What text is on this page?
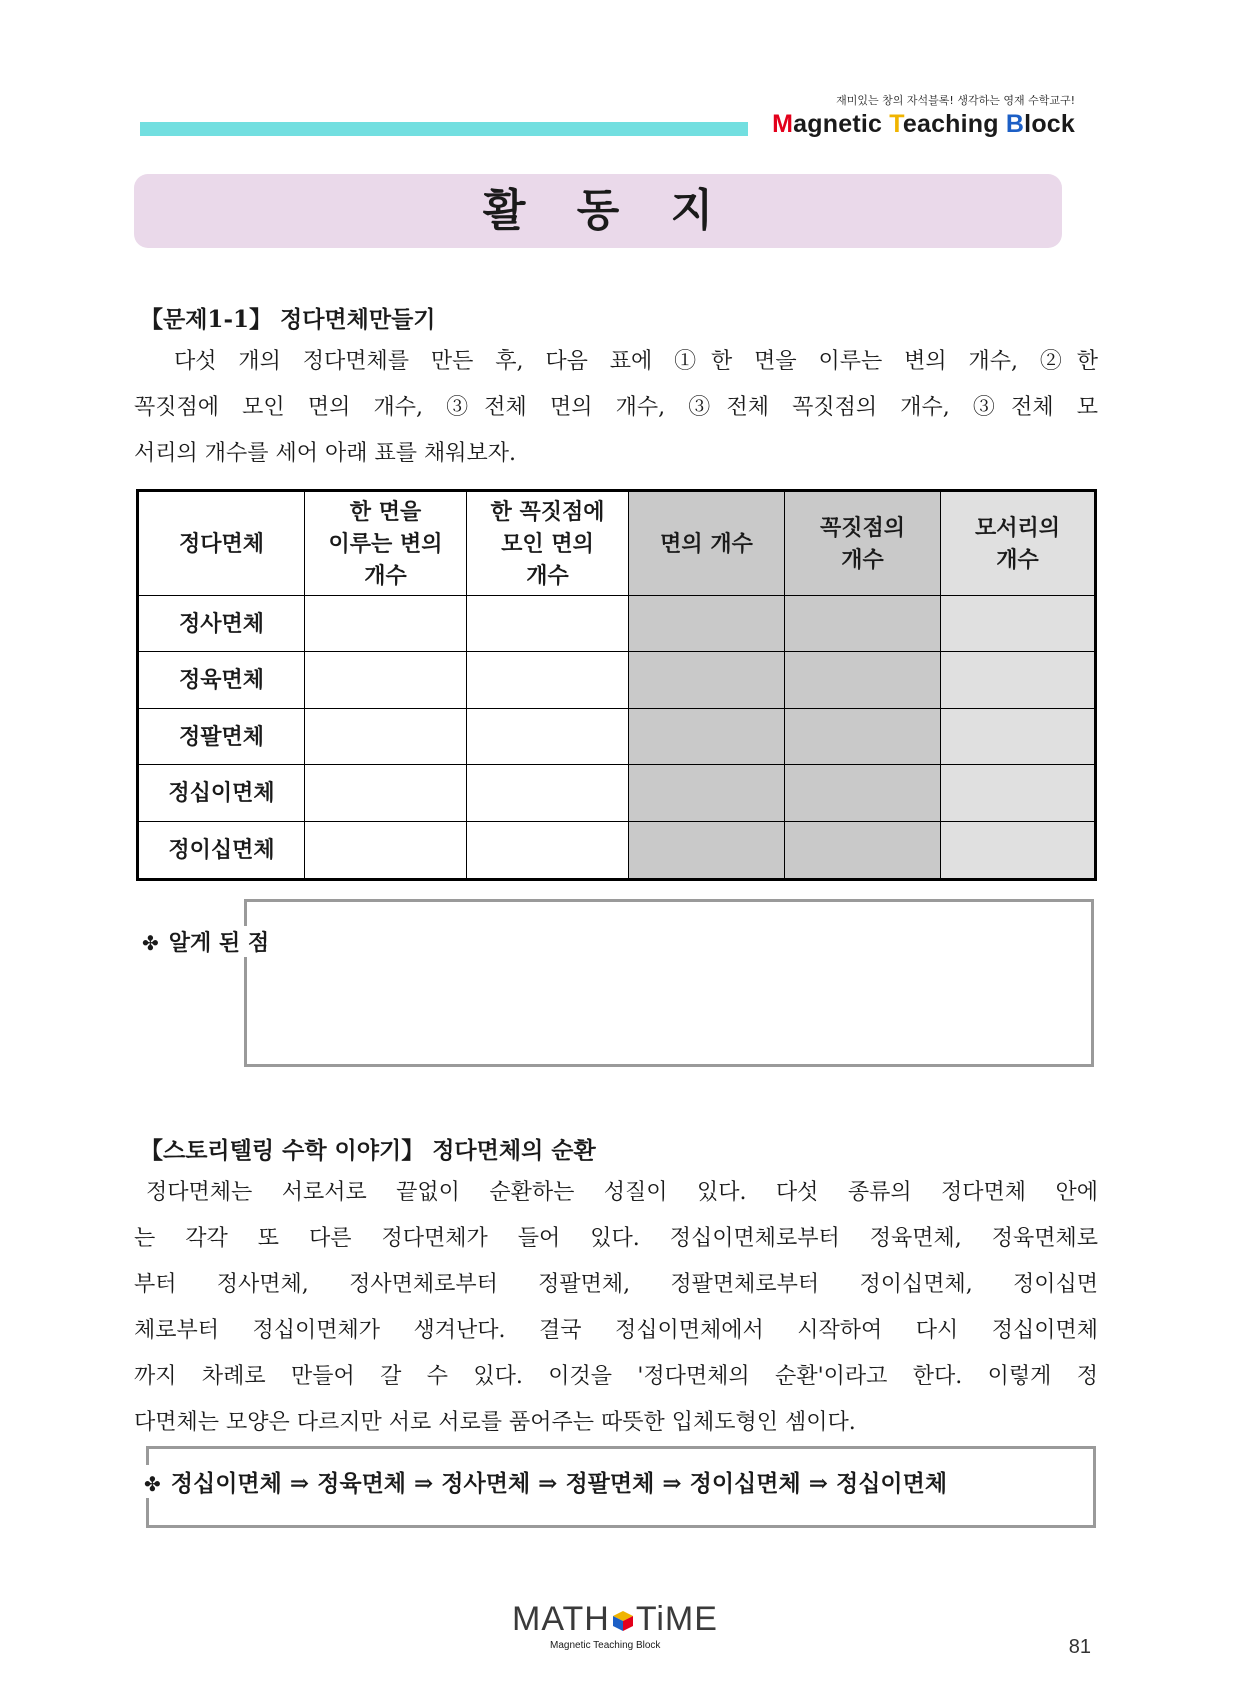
재미있는 창의 자석블록! 생각하는 영재 수학교구!
Magnetic Teaching Block
활 동 지
【문제1-1】 정다면체만들기
다섯 개의 정다면체를 만든 후, 다음 표에 ①한 면을 이루는 변의 개수, ②한
꼭짓점에 모인 면의 개수, ③전체 면의 개수, ③전체 꼭짓점의 개수, ③전체 모
서리의 개수를 세어 아래 표를 채워보자.
정다면체	한 면을
이루는 변의
개수	한 꼭짓점에
모인 면의
개수	면의 개수	꼭짓점의
개수	모서리의
개수
정사면체					
정육면체					
정팔면체					
정십이면체					
정이십면체					
✤ 알게 된 점
【스토리텔링 수학 이야기】 정다면체의 순환
정다면체는 서로서로 끝없이 순환하는 성질이 있다. 다섯 종류의 정다면체 안에
는 각각 또 다른 정다면체가 들어 있다. 정십이면체로부터 정육면체, 정육면체로
부터 정사면체, 정사면체로부터 정팔면체, 정팔면체로부터 정이십면체, 정이십면
체로부터 정십이면체가 생겨난다. 결국 정십이면체에서 시작하여 다시 정십이면체
까지 차례로 만들어 갈 수 있다. 이것을 '정다면체의 순환'이라고 한다. 이렇게 정
다면체는 모양은 다르지만 서로 서로를 품어주는 따뜻한 입체도형인 셈이다.
✤ 정십이면체 ⇒ 정육면체 ⇒ 정사면체 ⇒ 정팔면체 ⇒ 정이십면체 ⇒ 정십이면체
MATH TiME
Magnetic Teaching Block	81
